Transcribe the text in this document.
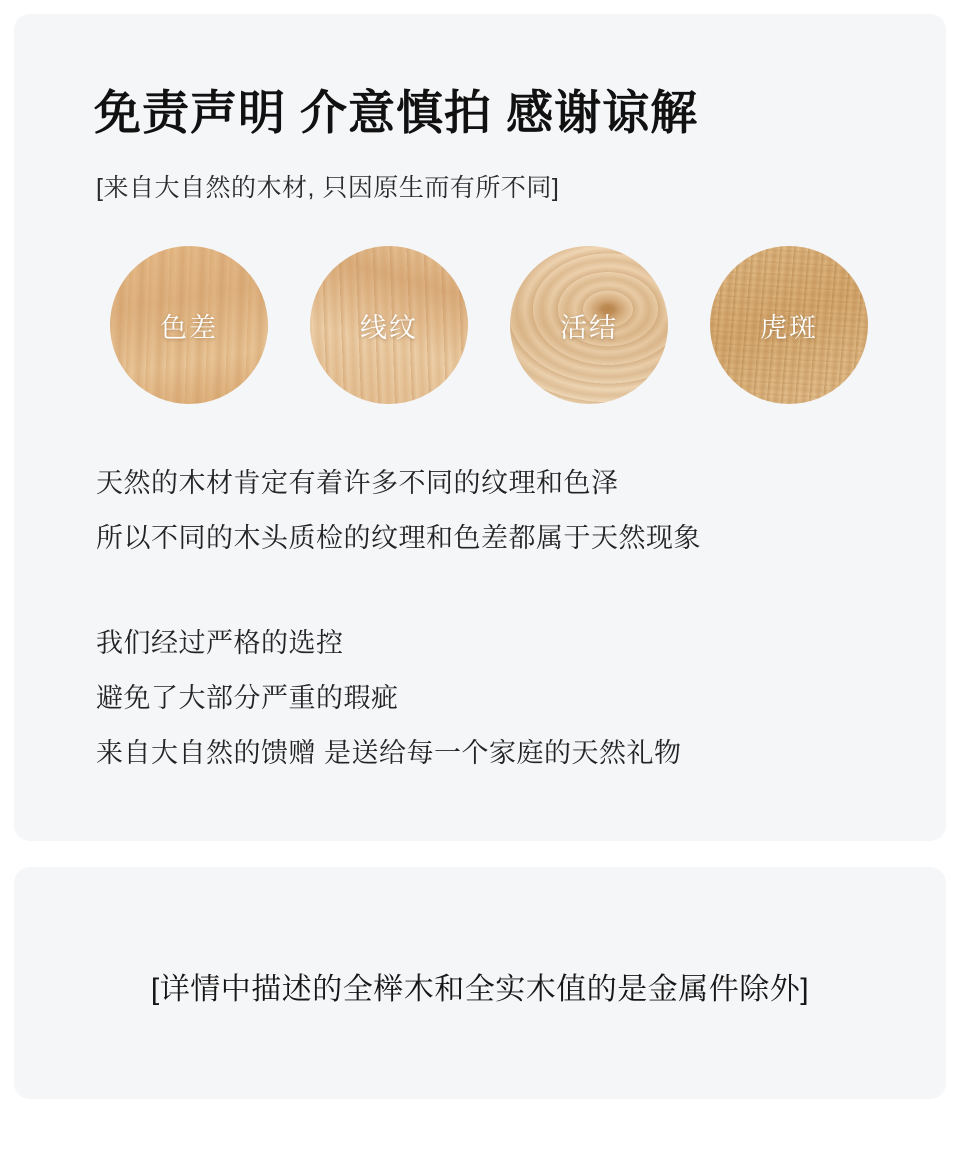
免责声明 介意慎拍 感谢谅解

[来自大自然的木材, 只因原生而有所不同]

色差	线纹	活结	虎斑
天然的木材肯定有着许多不同的纹理和色泽
所以不同的木头质检的纹理和色差都属于天然现象
我们经过严格的选控
避免了大部分严重的瑕疵
来自大自然的馈赠 是送给每一个家庭的天然礼物
[详情中描述的全榉木和全实木值的是金属件除外]
